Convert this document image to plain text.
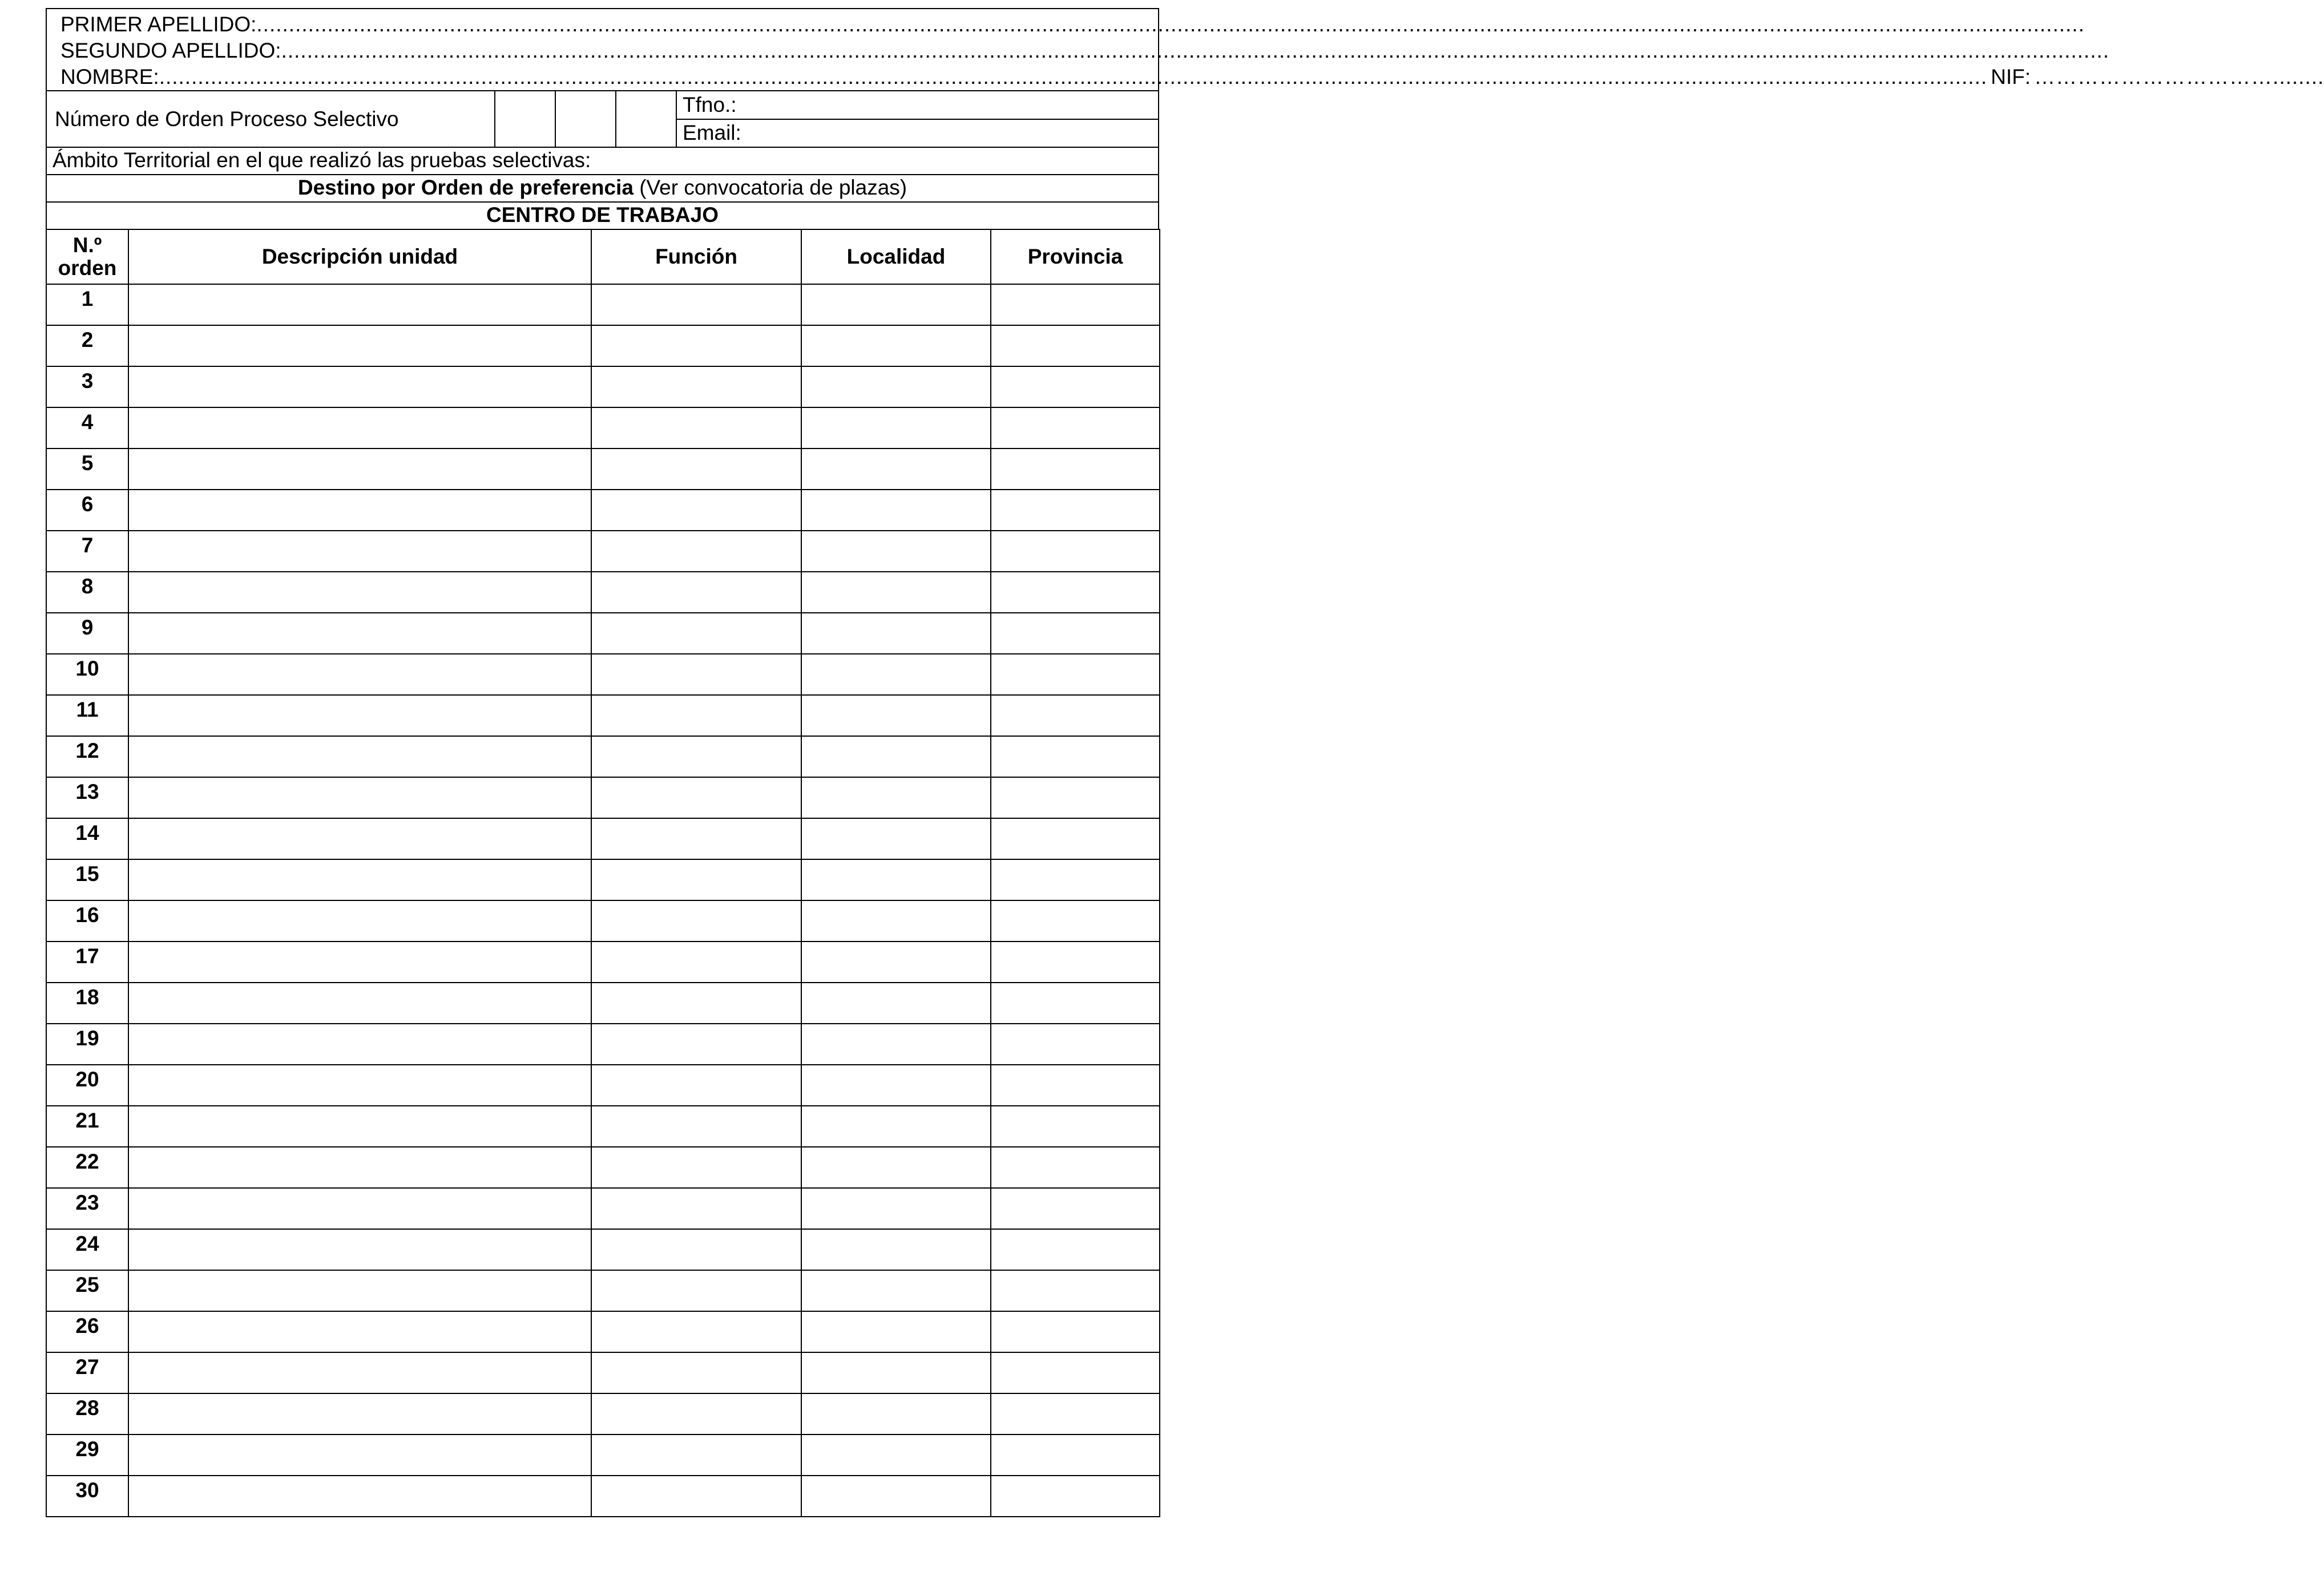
PRIMER APELLIDO: ............................................................................................................................................................................................................................................................................................
SEGUNDO APELLIDO: ............................................................................................................................................................................................................................................................................................
NOMBRE: ............................................................................................................................................................................................................................................................................................ NIF: ……………………………........
Número de Orden Proceso Selectivo
Tfno.:
Email:
Ámbito Territorial en el que realizó las pruebas selectivas:
Destino por Orden de preferencia (Ver convocatoria de plazas)
CENTRO DE TRABAJO
N.º orden	Descripción unidad	Función	Localidad	Provincia
1				
2				
3				
4				
5				
6				
7				
8				
9				
10				
11				
12				
13				
14				
15				
16				
17				
18				
19				
20				
21				
22				
23				
24				
25				
26				
27				
28				
29				
30				
